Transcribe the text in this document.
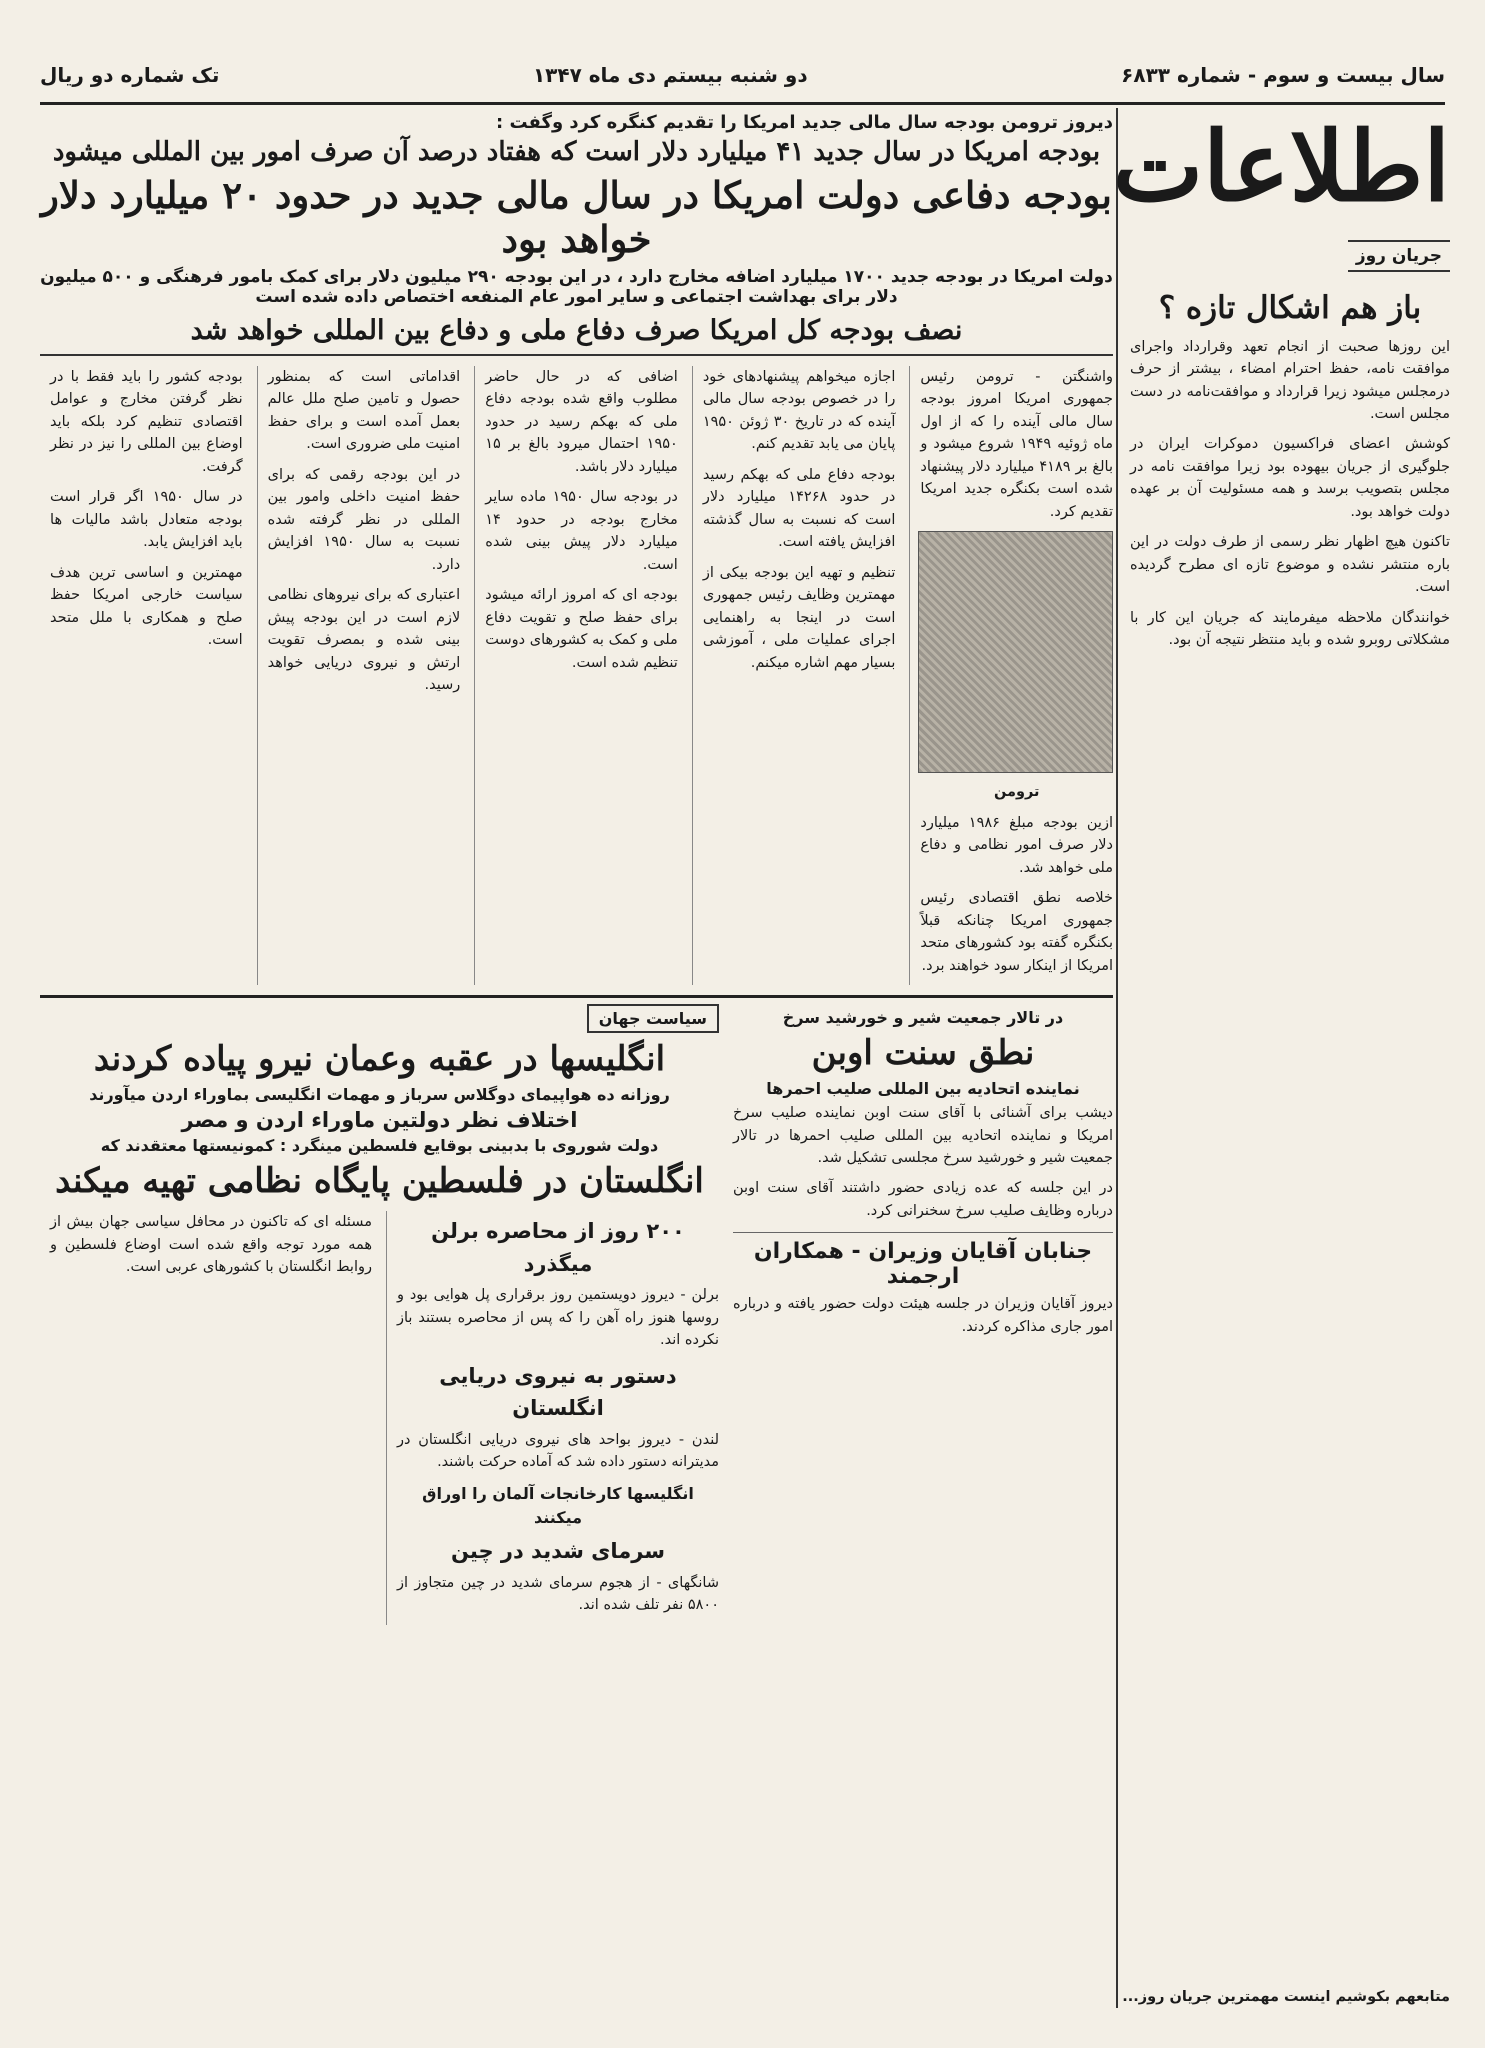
سال بیست و سوم - شماره ۶۸۳۳
دو شنبه بیستم دی ماه ۱۳۴۷
تک شماره دو ریال
اطلاعات
جریان روز
باز هم اشکال تازه ؟

این روزها صحبت از انجام تعهد وقرارداد واجرای موافقت نامه، حفظ احترام امضاء ، بیشتر از حرف درمجلس میشود زیرا قرارداد و موافقت‌نامه در دست مجلس است.

کوشش اعضای فراکسیون دموکرات ایران در جلوگیری از جریان بیهوده بود زیرا موافقت نامه در مجلس بتصویب برسد و همه مسئولیت آن بر عهده دولت خواهد بود.

تاکنون هیچ اظهار نظر رسمی از طرف دولت در این باره منتشر نشده و موضوع تازه ای مطرح گردیده است.

خوانندگان ملاحظه میفرمایند که جریان این کار با مشکلاتی روبرو شده و باید منتظر نتیجه آن بود.

متابعهم بکوشیم اینست مهمترین جریان روز...
دیروز ترومن بودجه سال مالی جدید امریکا را تقدیم کنگره کرد وگفت :
بودجه امریکا در سال جدید ۴۱ میلیارد دلار است که هفتاد درصد آن صرف امور بین المللی میشود
بودجه دفاعی دولت امریکا در سال مالی جدید در حدود ۲۰ میلیارد دلار خواهد بود
دولت امریکا در بودجه جدید ۱۷۰۰ میلیارد اضافه مخارج دارد ، در این بودجه ۲۹۰ میلیون دلار برای کمک بامور فرهنگی و ۵۰۰ میلیون دلار برای بهداشت اجتماعی و سایر امور عام المنفعه اختصاص داده شده است
نصف بودجه کل امریکا صرف دفاع ملی و دفاع بین المللی خواهد شد

واشنگتن - ترومن رئیس جمهوری امریکا امروز بودجه سال مالی آینده را که از اول ماه ژوئیه ۱۹۴۹ شروع میشود و بالغ بر ۴۱۸۹ میلیارد دلار پیشنهاد شده است بکنگره جدید امریکا تقدیم کرد.

ترومن

ازین بودجه مبلغ ۱۹۸۶ میلیارد دلار صرف امور نظامی و دفاع ملی خواهد شد.

خلاصه نطق اقتصادی رئیس جمهوری امریکا چنانکه قبلاً بکنگره گفته بود کشورهای متحد امریکا از اینکار سود خواهند برد.

اجازه میخواهم پیشنهادهای خود را در خصوص بودجه سال مالی آینده که در تاریخ ۳۰ ژوئن ۱۹۵۰ پایان می یابد تقدیم کنم.

بودجه دفاع ملی که بهکم رسید در حدود ۱۴۲۶۸ میلیارد دلار است که نسبت به سال گذشته افزایش یافته است.

تنظیم و تهیه این بودجه بیکی از مهمترین وظایف رئیس جمهوری است در اینجا به راهنمایی اجرای عملیات ملی ، آموزشی بسیار مهم اشاره میکنم.

اضافی که در حال حاضر مطلوب واقع شده بودجه دفاع ملی که بهکم رسید در حدود ۱۹۵۰ احتمال میرود بالغ بر ۱۵ میلیارد دلار باشد.

در بودجه سال ۱۹۵۰ ماده سایر مخارج بودجه در حدود ۱۴ میلیارد دلار پیش بینی شده است.

بودجه ای که امروز ارائه میشود برای حفظ صلح و تقویت دفاع ملی و کمک به کشورهای دوست تنظیم شده است.

اقداماتی است که بمنظور حصول و تامین صلح ملل عالم بعمل آمده است و برای حفظ امنیت ملی ضروری است.

در این بودجه رقمی که برای حفظ امنیت داخلی وامور بین المللی در نظر گرفته شده نسبت به سال ۱۹۵۰ افزایش دارد.

اعتباری که برای نیروهای نظامی لازم است در این بودجه پیش بینی شده و بمصرف تقویت ارتش و نیروی دریایی خواهد رسید.

بودجه کشور را باید فقط با در نظر گرفتن مخارج و عوامل اقتصادی تنظیم کرد بلکه باید اوضاع بین المللی را نیز در نظر گرفت.

در سال ۱۹۵۰ اگر قرار است بودجه متعادل باشد مالیات ها باید افزایش یابد.

مهمترین و اساسی ترین هدف سیاست خارجی امریکا حفظ صلح و همکاری با ملل متحد است.

در تالار جمعیت شیر و خورشید سرخ
نطق سنت اوبن
نماینده اتحادیه بین المللی صلیب احمرها

دیشب برای آشنائی با آقای سنت اوبن نماینده صلیب سرخ امریکا و نماینده اتحادیه بین المللی صلیب احمرها در تالار جمعیت شیر و خورشید سرخ مجلسی تشکیل شد.

در این جلسه که عده زیادی حضور داشتند آقای سنت اوبن درباره وظایف صلیب سرخ سخنرانی کرد.

جنابان آقایان وزیران - همکاران ارجمند
دیروز آقایان وزیران در جلسه هیئت دولت حضور یافته و درباره امور جاری مذاکره کردند.
سیاست جهان
انگلیسها در عقبه وعمان نیرو پیاده کردند
روزانه ده هواپیمای دوگلاس سرباز و مهمات انگلیسی بماوراء اردن میآورند
اختلاف نظر دولتین ماوراء اردن و مصر
دولت شوروی با بدبینی بوقایع فلسطین مینگرد : کمونیستها معتقدند که
انگلستان در فلسطین پایگاه نظامی تهیه میکند
۲۰۰ روز از محاصره برلن میگذرد

برلن - دیروز دویستمین روز برقراری پل هوایی بود و روسها هنوز راه آهن را که پس از محاصره بستند باز نکرده اند.

دستور به نیروی دریایی انگلستان

لندن - دیروز بواحد های نیروی دریایی انگلستان در مدیترانه دستور داده شد که آماده حرکت باشند.

انگلیسها کارخانجات آلمان را اوراق میکنند
سرمای شدید در چین

شانگهای - از هجوم سرمای شدید در چین متجاوز از ۵۸۰۰ نفر تلف شده اند.

مسئله ای که تاکنون در محافل سیاسی جهان بیش از همه مورد توجه واقع شده است اوضاع فلسطین و روابط انگلستان با کشورهای عربی است.
